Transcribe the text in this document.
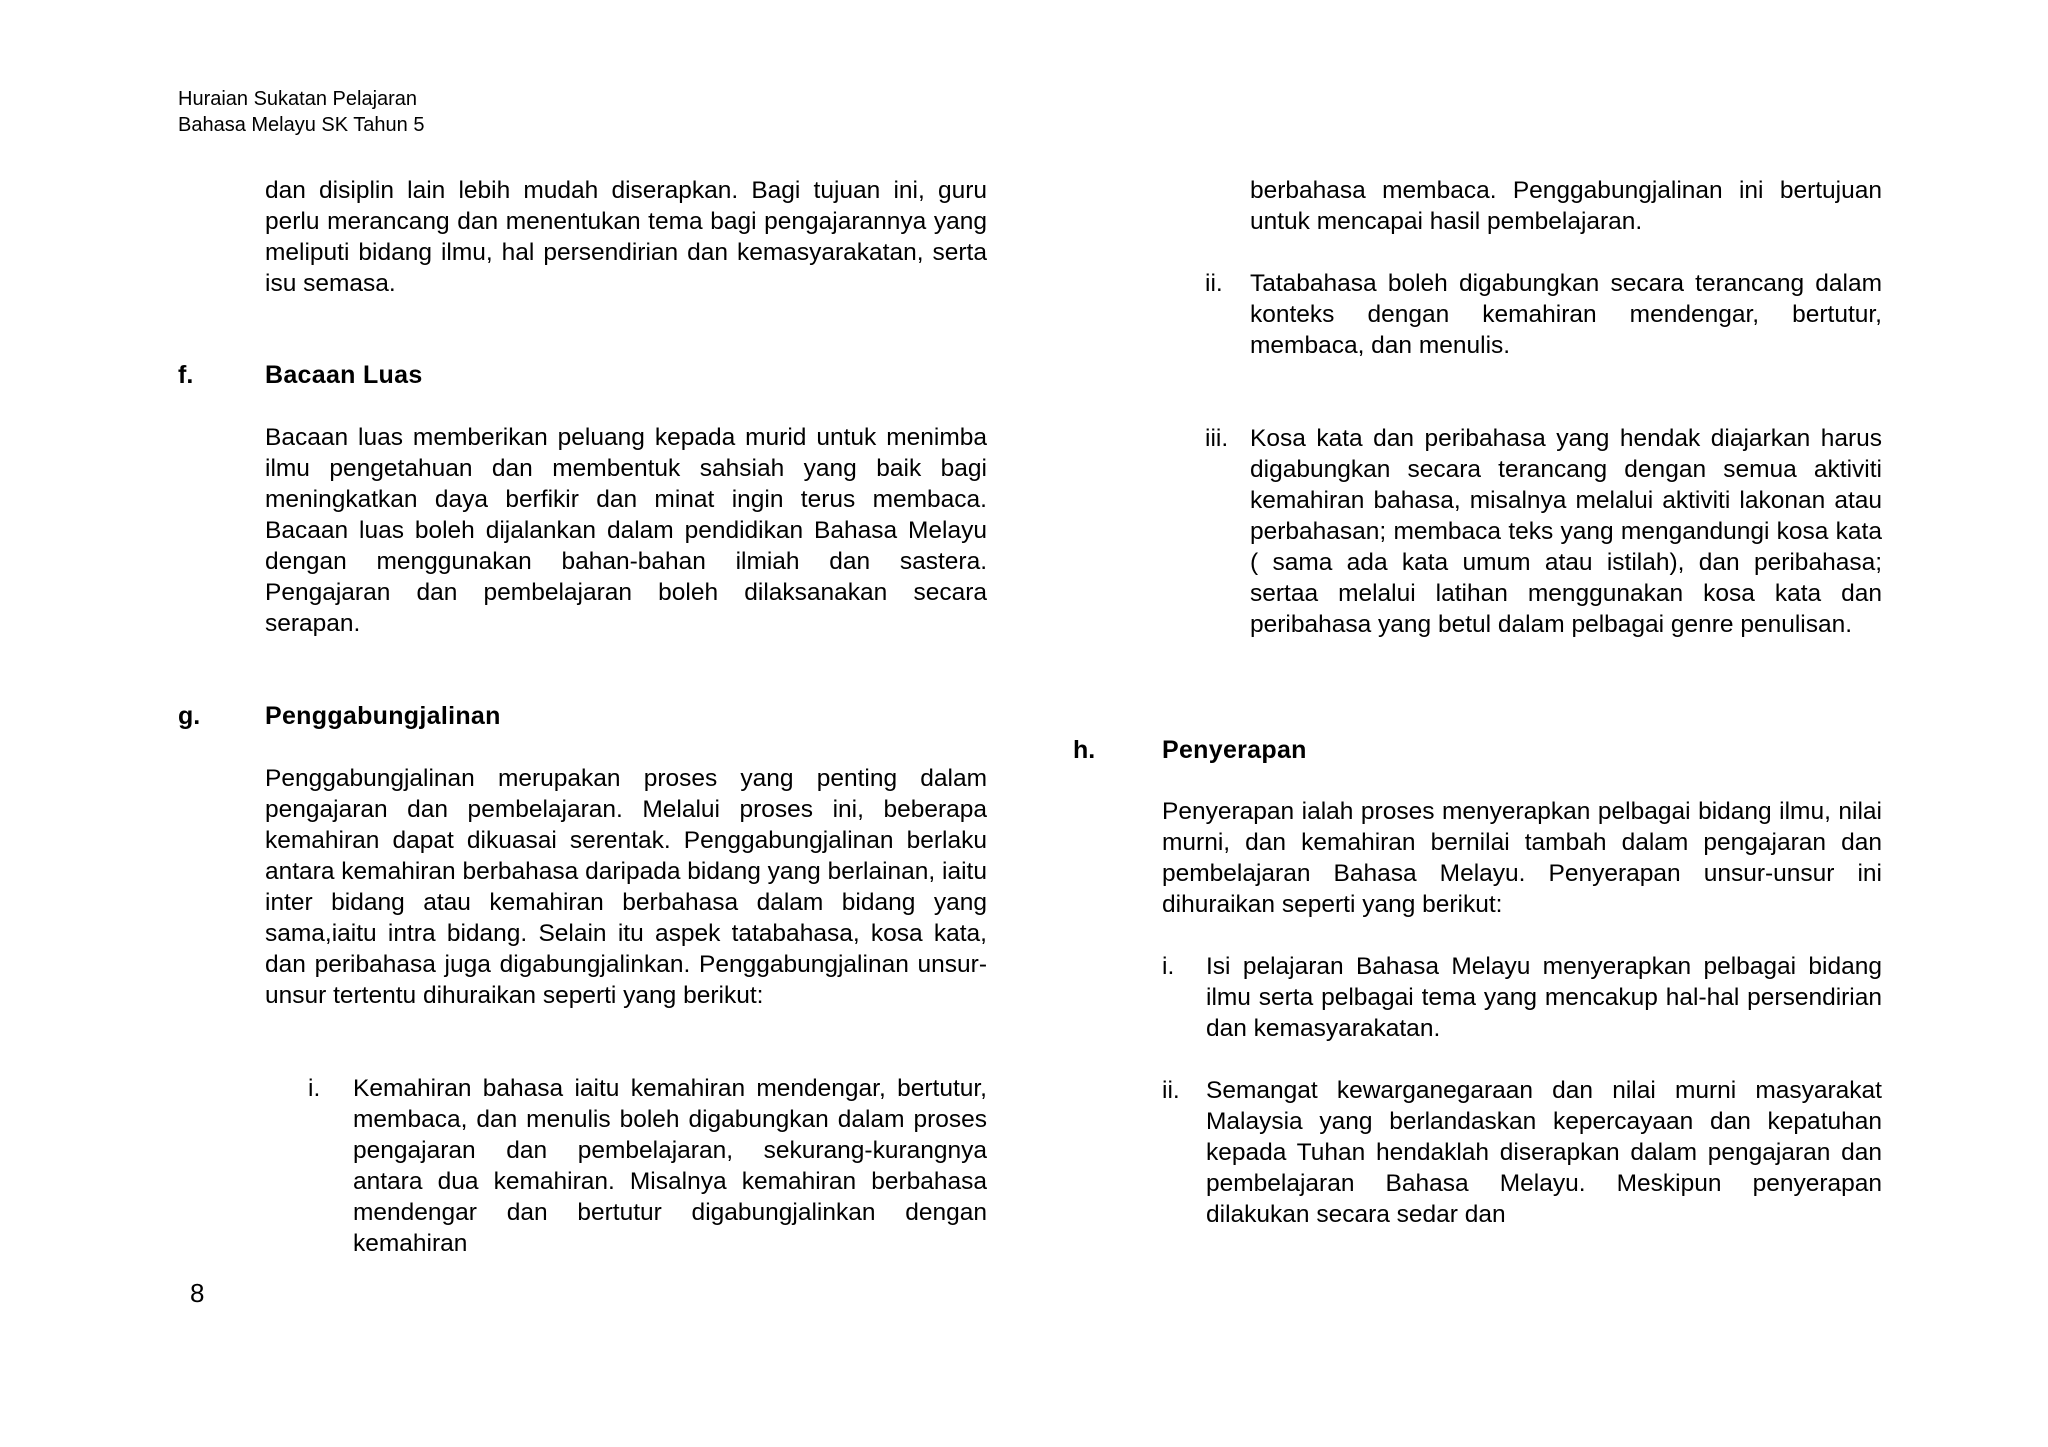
Huraian Sukatan Pelajaran
Bahasa Melayu SK Tahun 5

dan disiplin lain lebih mudah diserapkan. Bagi tujuan ini, guru perlu merancang dan menentukan tema bagi pengajarannya yang meliputi bidang ilmu, hal persendirian dan kemasyarakatan, serta isu semasa.

f.	Bacaan Luas

Bacaan luas memberikan peluang kepada murid untuk menimba ilmu pengetahuan dan membentuk sahsiah yang baik bagi meningkatkan daya berfikir dan minat ingin terus membaca. Bacaan luas boleh dijalankan dalam pendidikan Bahasa Melayu dengan menggunakan bahan-bahan ilmiah dan sastera. Pengajaran dan pembelajaran boleh dilaksanakan secara serapan.

g.	Penggabungjalinan

Penggabungjalinan merupakan proses yang penting dalam pengajaran dan pembelajaran. Melalui proses ini, beberapa kemahiran dapat dikuasai serentak. Penggabungjalinan berlaku antara kemahiran berbahasa daripada bidang yang berlainan, iaitu inter bidang atau kemahiran berbahasa dalam bidang yang sama,iaitu intra bidang. Selain itu aspek tatabahasa, kosa kata, dan peribahasa juga digabungjalinkan. Penggabungjalinan unsur-unsur tertentu dihuraikan seperti yang berikut:

i. Kemahiran bahasa iaitu kemahiran mendengar, bertutur, membaca, dan menulis boleh digabungkan dalam proses pengajaran dan pembelajaran, sekurang-kurangnya antara dua kemahiran. Misalnya kemahiran berbahasa mendengar dan bertutur digabungjalinkan dengan kemahiran

8

berbahasa membaca. Penggabungjalinan ini bertujuan untuk mencapai hasil pembelajaran.

ii. Tatabahasa boleh digabungkan secara terancang dalam konteks dengan kemahiran mendengar, bertutur, membaca, dan menulis.

iii. Kosa kata dan peribahasa yang hendak diajarkan harus digabungkan secara terancang dengan semua aktiviti kemahiran bahasa, misalnya melalui aktiviti lakonan atau perbahasan; membaca teks yang mengandungi kosa kata ( sama ada kata umum atau istilah), dan peribahasa; sertaa melalui latihan menggunakan kosa kata dan peribahasa yang betul dalam pelbagai genre penulisan.

h.	Penyerapan

Penyerapan ialah proses menyerapkan pelbagai bidang ilmu, nilai murni, dan kemahiran bernilai tambah dalam pengajaran dan pembelajaran Bahasa Melayu. Penyerapan unsur-unsur ini dihuraikan seperti yang berikut:

i. Isi pelajaran Bahasa Melayu menyerapkan pelbagai bidang ilmu serta pelbagai tema yang mencakup hal-hal persendirian dan kemasyarakatan.

ii. Semangat kewarganegaraan dan nilai murni masyarakat Malaysia yang berlandaskan kepercayaan dan kepatuhan kepada Tuhan hendaklah diserapkan dalam pengajaran dan pembelajaran Bahasa Melayu. Meskipun penyerapan dilakukan secara sedar dan
